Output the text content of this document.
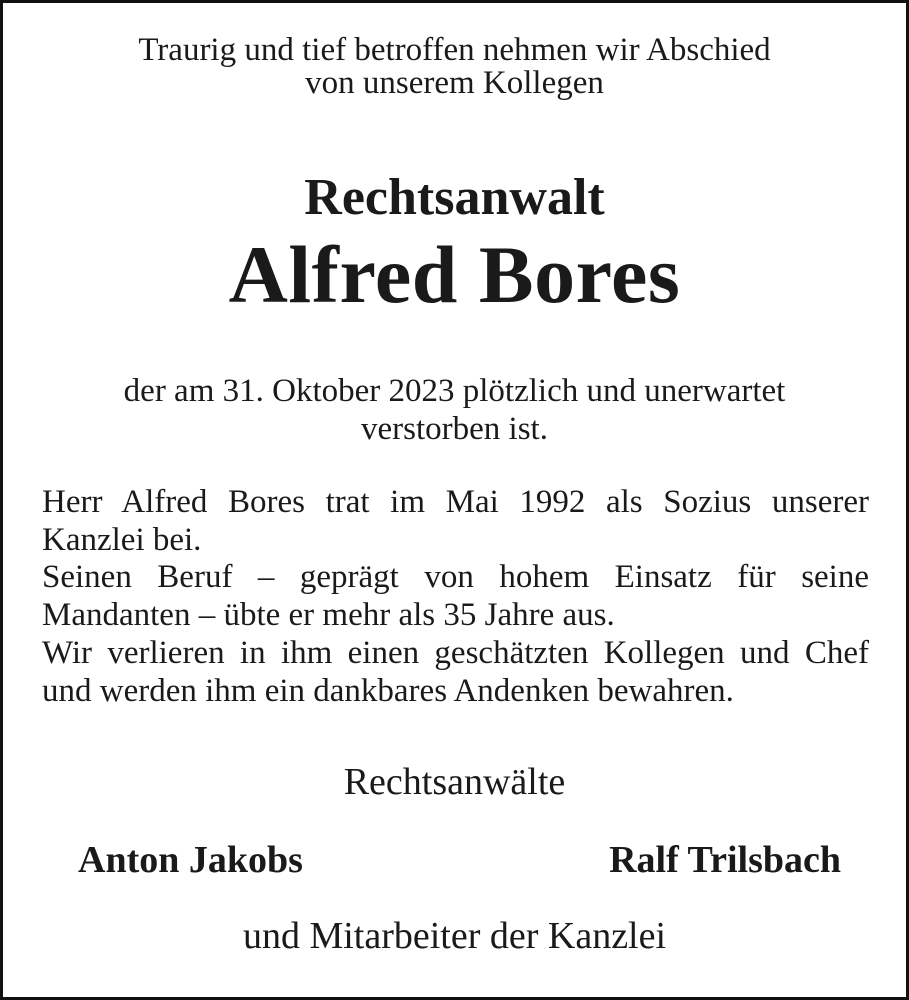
Traurig und tief betroffen nehmen wir Abschied
von unserem Kollegen
Rechtsanwalt
Alfred Bores
der am 31. Oktober 2023 plötzlich und unerwartet
verstorben ist.
Herr Alfred Bores trat im Mai 1992 als Sozius unserer
Kanzlei bei.
Seinen Beruf – geprägt von hohem Einsatz für seine
Mandanten – übte er mehr als 35 Jahre aus.
Wir verlieren in ihm einen geschätzten Kollegen und Chef
und werden ihm ein dankbares Andenken bewahren.
Rechtsanwälte
Anton Jakobs	Ralf Trilsbach
und Mitarbeiter der Kanzlei
